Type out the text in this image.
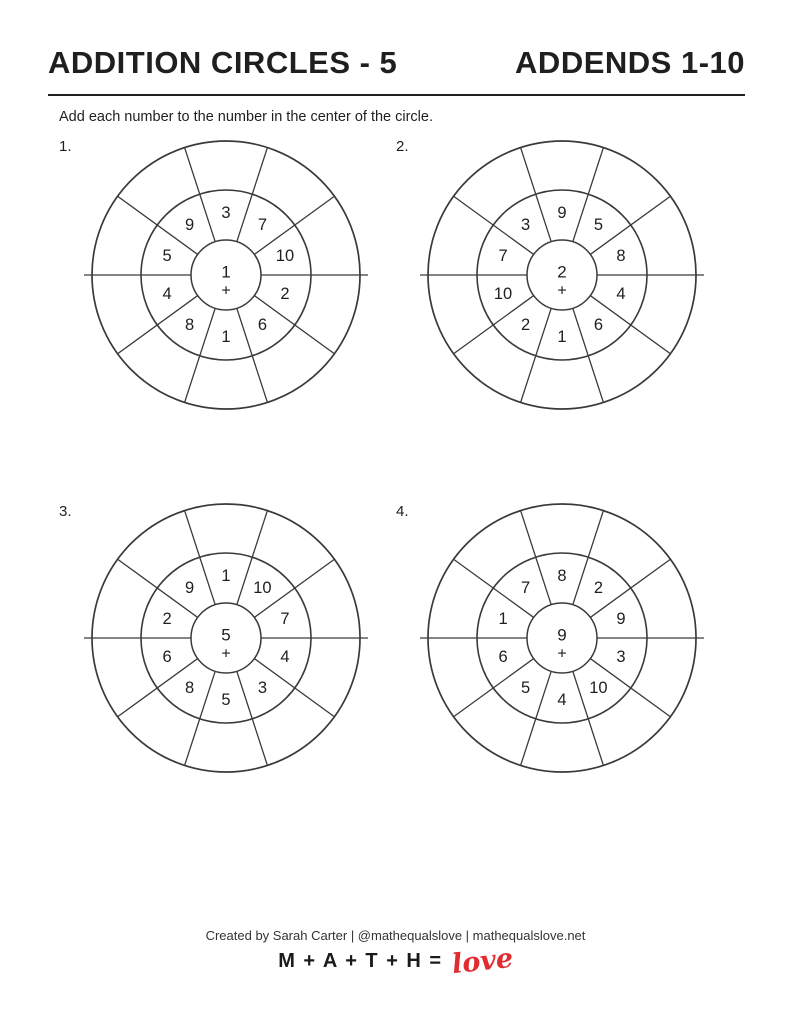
ADDITION CIRCLES - 5	ADDENDS 1-10
Add each number to the number in the center of the circle.
1.	2.
3.	4.
3
7
10
2
6
1
8
4
5
9
1
+
9
5
8
4
6
1
2
10
7
3
2
+
1
10
7
4
3
5
8
6
2
9
5
+
8
2
9
3
10
4
5
6
1
7
9
+
Created by Sarah Carter | @mathequalslove | mathequalslove.net
M + A + T + H = love
